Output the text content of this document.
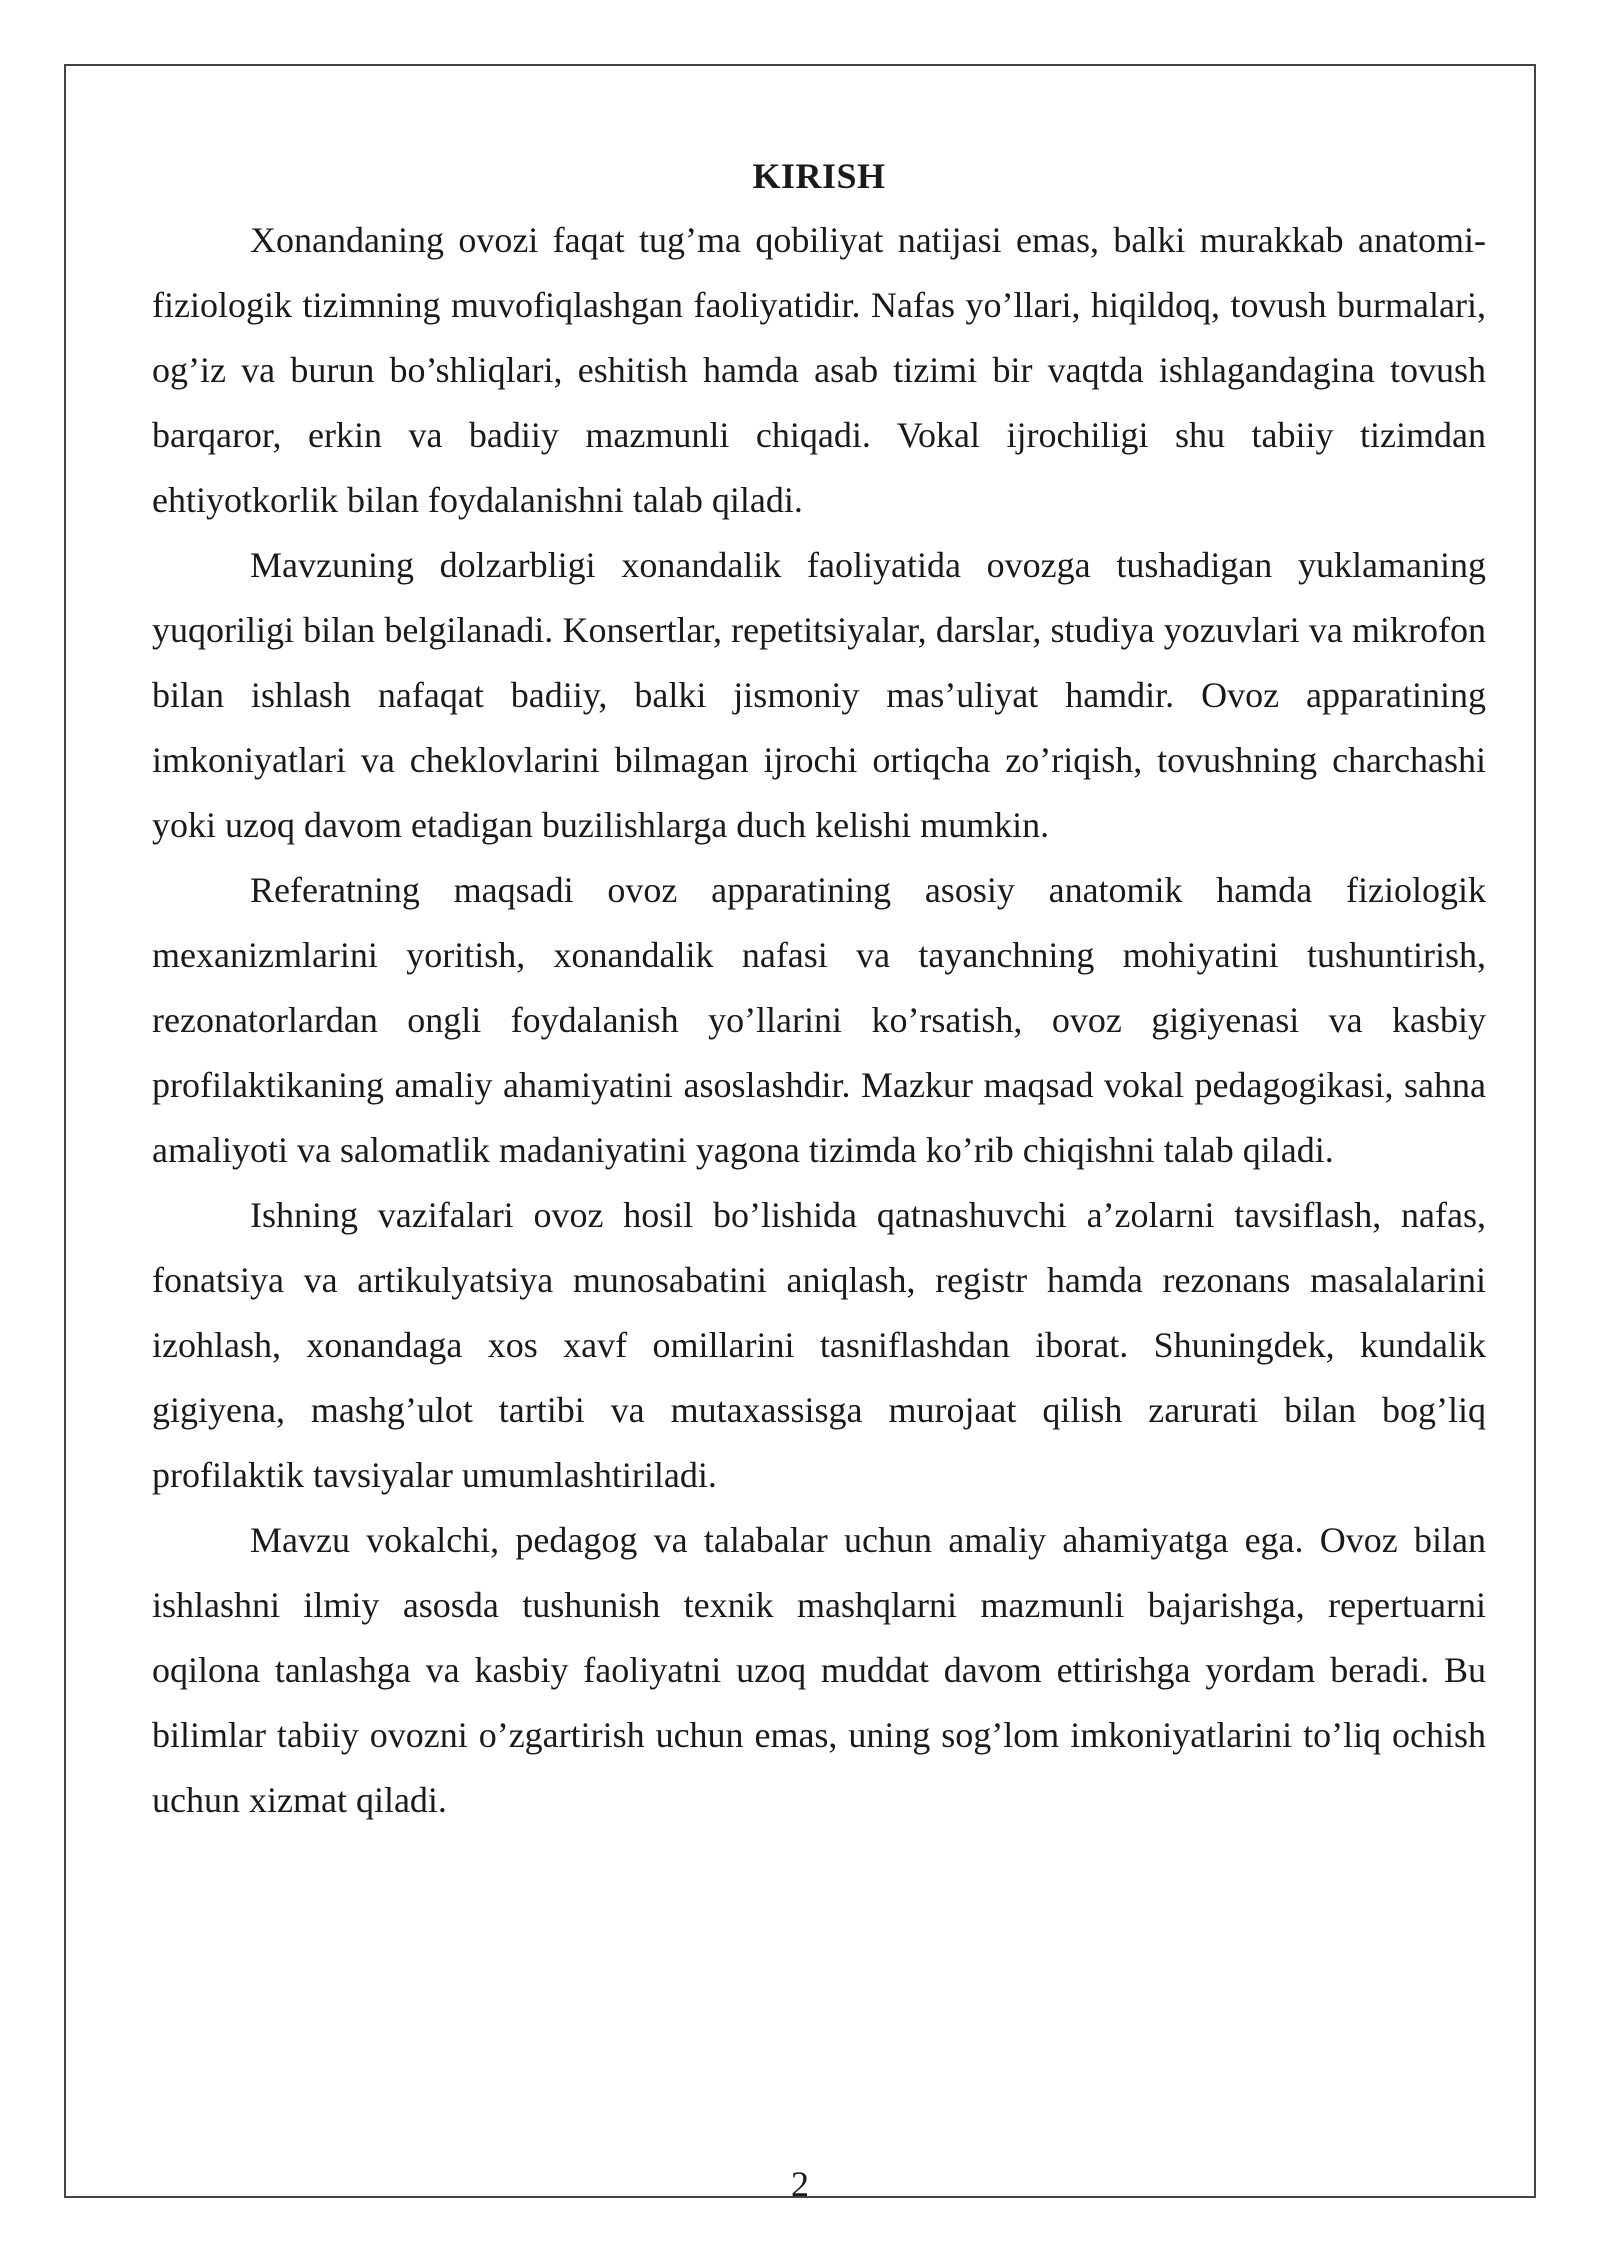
KIRISH

Xonandaning ovozi faqat tug’ma qobiliyat natijasi emas, balki murakkab anatomi-fiziologik tizimning muvofiqlashgan faoliyatidir. Nafas yo’llari, hiqildoq, tovush burmalari, og’iz va burun bo’shliqlari, eshitish hamda asab tizimi bir vaqtda ishlagandagina tovush barqaror, erkin va badiiy mazmunli chiqadi. Vokal ijrochiligi shu tabiiy tizimdan ehtiyotkorlik bilan foydalanishni talab qiladi.

Mavzuning dolzarbligi xonandalik faoliyatida ovozga tushadigan yuklamaning yuqoriligi bilan belgilanadi. Konsertlar, repetitsiyalar, darslar, studiya yozuvlari va mikrofon bilan ishlash nafaqat badiiy, balki jismoniy mas’uliyat hamdir. Ovoz apparatining imkoniyatlari va cheklovlarini bilmagan ijrochi ortiqcha zo’riqish, tovushning charchashi yoki uzoq davom etadigan buzilishlarga duch kelishi mumkin.

Referatning maqsadi ovoz apparatining asosiy anatomik hamda fiziologik mexanizmlarini yoritish, xonandalik nafasi va tayanchning mohiyatini tushuntirish, rezonatorlardan ongli foydalanish yo’llarini ko’rsatish, ovoz gigiyenasi va kasbiy profilaktikaning amaliy ahamiyatini asoslashdir. Mazkur maqsad vokal pedagogikasi, sahna amaliyoti va salomatlik madaniyatini yagona tizimda ko’rib chiqishni talab qiladi.

Ishning vazifalari ovoz hosil bo’lishida qatnashuvchi a’zolarni tavsiflash, nafas, fonatsiya va artikulyatsiya munosabatini aniqlash, registr hamda rezonans masalalarini izohlash, xonandaga xos xavf omillarini tasniflashdan iborat. Shuningdek, kundalik gigiyena, mashg’ulot tartibi va mutaxassisga murojaat qilish zarurati bilan bog’liq profilaktik tavsiyalar umumlashtiriladi.

Mavzu vokalchi, pedagog va talabalar uchun amaliy ahamiyatga ega. Ovoz bilan ishlashni ilmiy asosda tushunish texnik mashqlarni mazmunli bajarishga, repertuarni oqilona tanlashga va kasbiy faoliyatni uzoq muddat davom ettirishga yordam beradi. Bu bilimlar tabiiy ovozni o’zgartirish uchun emas, uning sog’lom imkoniyatlarini to’liq ochish uchun xizmat qiladi.

2
